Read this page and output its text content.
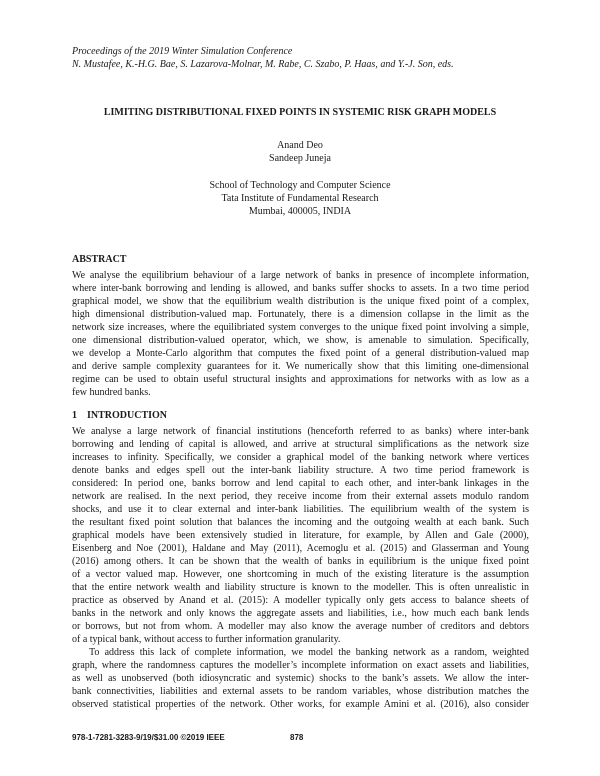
Proceedings of the 2019 Winter Simulation Conference
N. Mustafee, K.-H.G. Bae, S. Lazarova-Molnar, M. Rabe, C. Szabo, P. Haas, and Y.-J. Son, eds.
LIMITING DISTRIBUTIONAL FIXED POINTS IN SYSTEMIC RISK GRAPH MODELS
Anand Deo
Sandeep Juneja
School of Technology and Computer Science
Tata Institute of Fundamental Research
Mumbai, 400005, INDIA
ABSTRACT

We analyse the equilibrium behaviour of a large network of banks in presence of incomplete information,
where inter-bank borrowing and lending is allowed, and banks suffer shocks to assets. In a two time period
graphical model, we show that the equilibrium wealth distribution is the unique fixed point of a complex,
high dimensional distribution-valued map. Fortunately, there is a dimension collapse in the limit as the
network size increases, where the equilibriated system converges to the unique fixed point involving a simple,
one dimensional distribution-valued operator, which, we show, is amenable to simulation. Specifically,
we develop a Monte-Carlo algorithm that computes the fixed point of a general distribution-valued map
and derive sample complexity guarantees for it. We numerically show that this limiting one-dimensional
regime can be used to obtain useful structural insights and approximations for networks with as low as a
few hundred banks.

1    INTRODUCTION

We analyse a large network of financial institutions (henceforth referred to as banks) where inter-bank
borrowing and lending of capital is allowed, and arrive at structural simplifications as the network size
increases to infinity. Specifically, we consider a graphical model of the banking network where vertices
denote banks and edges spell out the inter-bank liability structure. A two time period framework is
considered: In period one, banks borrow and lend capital to each other, and inter-bank linkages in the
network are realised. In the next period, they receive income from their external assets modulo random
shocks, and use it to clear external and inter-bank liabilities. The equilibrium wealth of the system is
the resultant fixed point solution that balances the incoming and the outgoing wealth at each bank. Such
graphical models have been extensively studied in literature, for example, by Allen and Gale (2000),
Eisenberg and Noe (2001), Haldane and May (2011), Acemoglu et al. (2015) and Glasserman and Young
(2016) among others. It can be shown that the wealth of banks in equilibrium is the unique fixed point
of a vector valued map. However, one shortcoming in much of the existing literature is the assumption
that the entire network wealth and liability structure is known to the modeller. This is often unrealistic in
practice as observed by Anand et al. (2015): A modeller typically only gets access to balance sheets of
banks in the network and only knows the aggregate assets and liabilities, i.e., how much each bank lends
or borrows, but not from whom. A modeller may also know the average number of creditors and debtors
of a typical bank, without access to further information granularity.

To address this lack of complete information, we model the banking network as a random, weighted
graph, where the randomness captures the modeller’s incomplete information on exact assets and liabilities,
as well as unobserved (both idiosyncratic and systemic) shocks to the bank’s assets. We allow the inter-
bank connectivities, liabilities and external assets to be random variables, whose distribution matches the
observed statistical properties of the network. Other works, for example Amini et al. (2016), also consider

978-1-7281-3283-9/19/$31.00 ©2019 IEEE	878
